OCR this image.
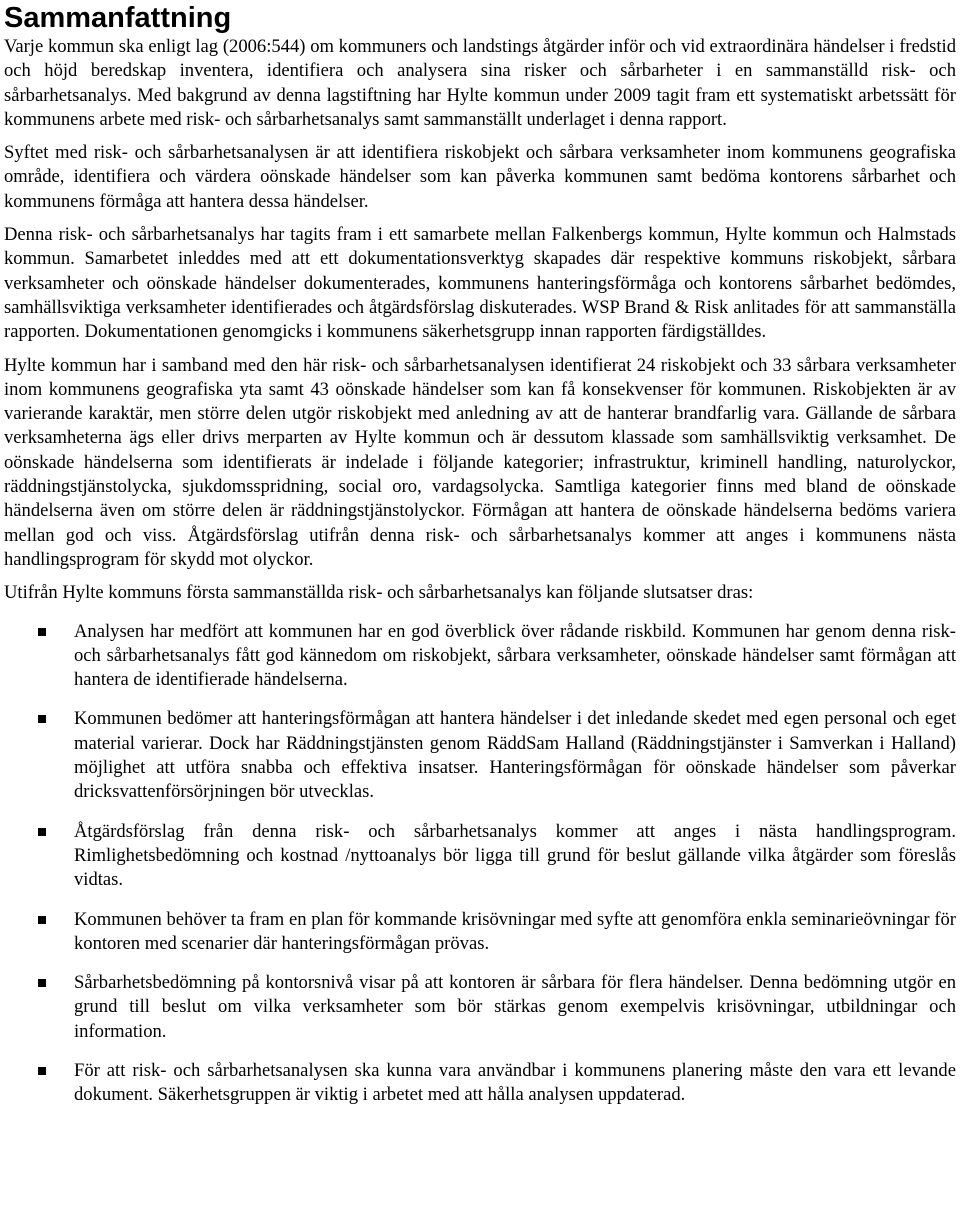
Sammanfattning

Varje kommun ska enligt lag (2006:544) om kommuners och landstings åtgärder inför och vid extraordinära händelser i fredstid och höjd beredskap inventera, identifiera och analysera sina risker och sårbarheter i en sammanställd risk- och sårbarhetsanalys. Med bakgrund av denna lagstiftning har Hylte kommun under 2009 tagit fram ett systematiskt arbetssätt för kommunens arbete med risk- och sårbarhetsanalys samt sammanställt underlaget i denna rapport.

Syftet med risk- och sårbarhetsanalysen är att identifiera riskobjekt och sårbara verksamheter inom kommunens geografiska område, identifiera och värdera oönskade händelser som kan påverka kommunen samt bedöma kontorens sårbarhet och kommunens förmåga att hantera dessa händelser.

Denna risk- och sårbarhetsanalys har tagits fram i ett samarbete mellan Falkenbergs kommun, Hylte kommun och Halmstads kommun. Samarbetet inleddes med att ett dokumentationsverktyg skapades där respektive kommuns riskobjekt, sårbara verksamheter och oönskade händelser dokumenterades, kommunens hanteringsförmåga och kontorens sårbarhet bedömdes, samhällsviktiga verksamheter identifierades och åtgärdsförslag diskuterades. WSP Brand & Risk anlitades för att sammanställa rapporten. Dokumentationen genomgicks i kommunens säkerhetsgrupp innan rapporten färdigställdes.

Hylte kommun har i samband med den här risk- och sårbarhetsanalysen identifierat 24 riskobjekt och 33 sårbara verksamheter inom kommunens geografiska yta samt 43 oönskade händelser som kan få konsekvenser för kommunen. Riskobjekten är av varierande karaktär, men större delen utgör riskobjekt med anledning av att de hanterar brandfarlig vara. Gällande de sårbara verksamheterna ägs eller drivs merparten av Hylte kommun och är dessutom klassade som samhällsviktig verksamhet. De oönskade händelserna som identifierats är indelade i följande kategorier; infrastruktur, kriminell handling, naturolyckor, räddningstjänstolycka, sjukdomsspridning, social oro, vardagsolycka. Samtliga kategorier finns med bland de oönskade händelserna även om större delen är räddningstjänstolyckor. Förmågan att hantera de oönskade händelserna bedöms variera mellan god och viss. Åtgärdsförslag utifrån denna risk- och sårbarhetsanalys kommer att anges i kommunens nästa handlingsprogram för skydd mot olyckor.

Utifrån Hylte kommuns första sammanställda risk- och sårbarhetsanalys kan följande slutsatser dras:

Analysen har medfört att kommunen har en god överblick över rådande riskbild. Kommunen har genom denna risk- och sårbarhetsanalys fått god kännedom om riskobjekt, sårbara verksamheter, oönskade händelser samt förmågan att hantera de identifierade händelserna.
Kommunen bedömer att hanteringsförmågan att hantera händelser i det inledande skedet med egen personal och eget material varierar. Dock har Räddningstjänsten genom RäddSam Halland (Räddningstjänster i Samverkan i Halland) möjlighet att utföra snabba och effektiva insatser. Hanteringsförmågan för oönskade händelser som påverkar dricksvattenförsörjningen bör utvecklas.
Åtgärdsförslag från denna risk- och sårbarhetsanalys kommer att anges i nästa handlingsprogram. Rimlighetsbedömning och kostnad /nyttoanalys bör ligga till grund för beslut gällande vilka åtgärder som föreslås vidtas.
Kommunen behöver ta fram en plan för kommande krisövningar med syfte att genomföra enkla seminarieövningar för kontoren med scenarier där hanteringsförmågan prövas.
Sårbarhetsbedömning på kontorsnivå visar på att kontoren är sårbara för flera händelser. Denna bedömning utgör en grund till beslut om vilka verksamheter som bör stärkas genom exempelvis krisövningar, utbildningar och information.
För att risk- och sårbarhetsanalysen ska kunna vara användbar i kommunens planering måste den vara ett levande dokument. Säkerhetsgruppen är viktig i arbetet med att hålla analysen uppdaterad.
